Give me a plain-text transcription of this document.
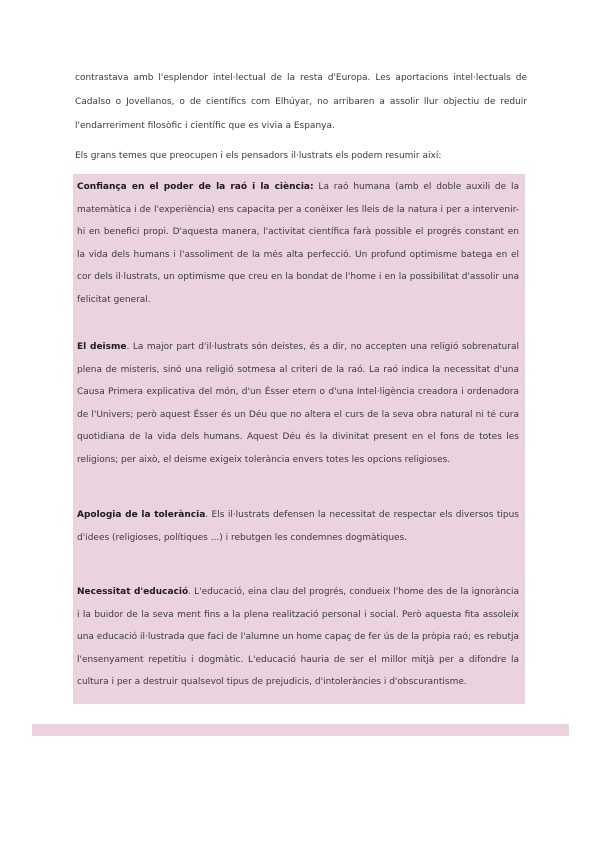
contrastava amb l'esplendor intel·lectual de la resta d'Europa. Les aportacions intel·lectuals de Cadalso o Jovellanos, o de científics com Elhúyar, no arribaren a assolir llur objectiu de reduir l'endarreriment filosòfic i científic que es vivia a Espanya.

Els grans temes que preocupen i els pensadors il·lustrats els podem resumir així:

Confiança en el poder de la raó i la ciència: La raó humana (amb el doble auxili de la matemàtica i de l'experiència) ens capacita per a conèixer les lleis de la natura i per a intervenir-hi en benefici propi. D'aquesta manera, l'activitat científica farà possible el progrés constant en la vida dels humans i l'assoliment de la més alta perfecció. Un profund optimisme batega en el cor dels il·lustrats, un optimisme que creu en la bondat de l'home i en la possibilitat d'assolir una felicitat general.

El deisme. La major part d'il·lustrats són deistes, és a dir, no accepten una religió sobrenatural plena de misteris, sinó una religió sotmesa al criteri de la raó. La raó indica la necessitat d'una Causa Primera explicativa del món, d'un Ésser etern o d'una Intel·ligència creadora i ordenadora de l'Univers; però aquest Ésser és un Déu que no altera el curs de la seva obra natural ni té cura quotidiana de la vida dels humans. Aquest Déu és la divinitat present en el fons de totes les religions; per això, el deisme exigeix tolerància envers totes les opcions religioses.

Apologia de la tolerància. Els il·lustrats defensen la necessitat de respectar els diversos tipus d'idees (religioses, polítiques ...) i rebutgen les condemnes dogmàtiques.

Necessitat d'educació. L'educació, eina clau del progrés, condueix l'home des de la ignorància i la buidor de la seva ment fins a la plena realització personal i social. Però aquesta fita assoleix una educació il·lustrada que faci de l'alumne un home capaç de fer ús de la pròpia raó; es rebutja l'ensenyament repetitiu i dogmàtic. L'educació hauria de ser el millor mitjà per a difondre la cultura i per a destruir qualsevol tipus de prejudicis, d'intoleràncies i d'obscurantisme.
